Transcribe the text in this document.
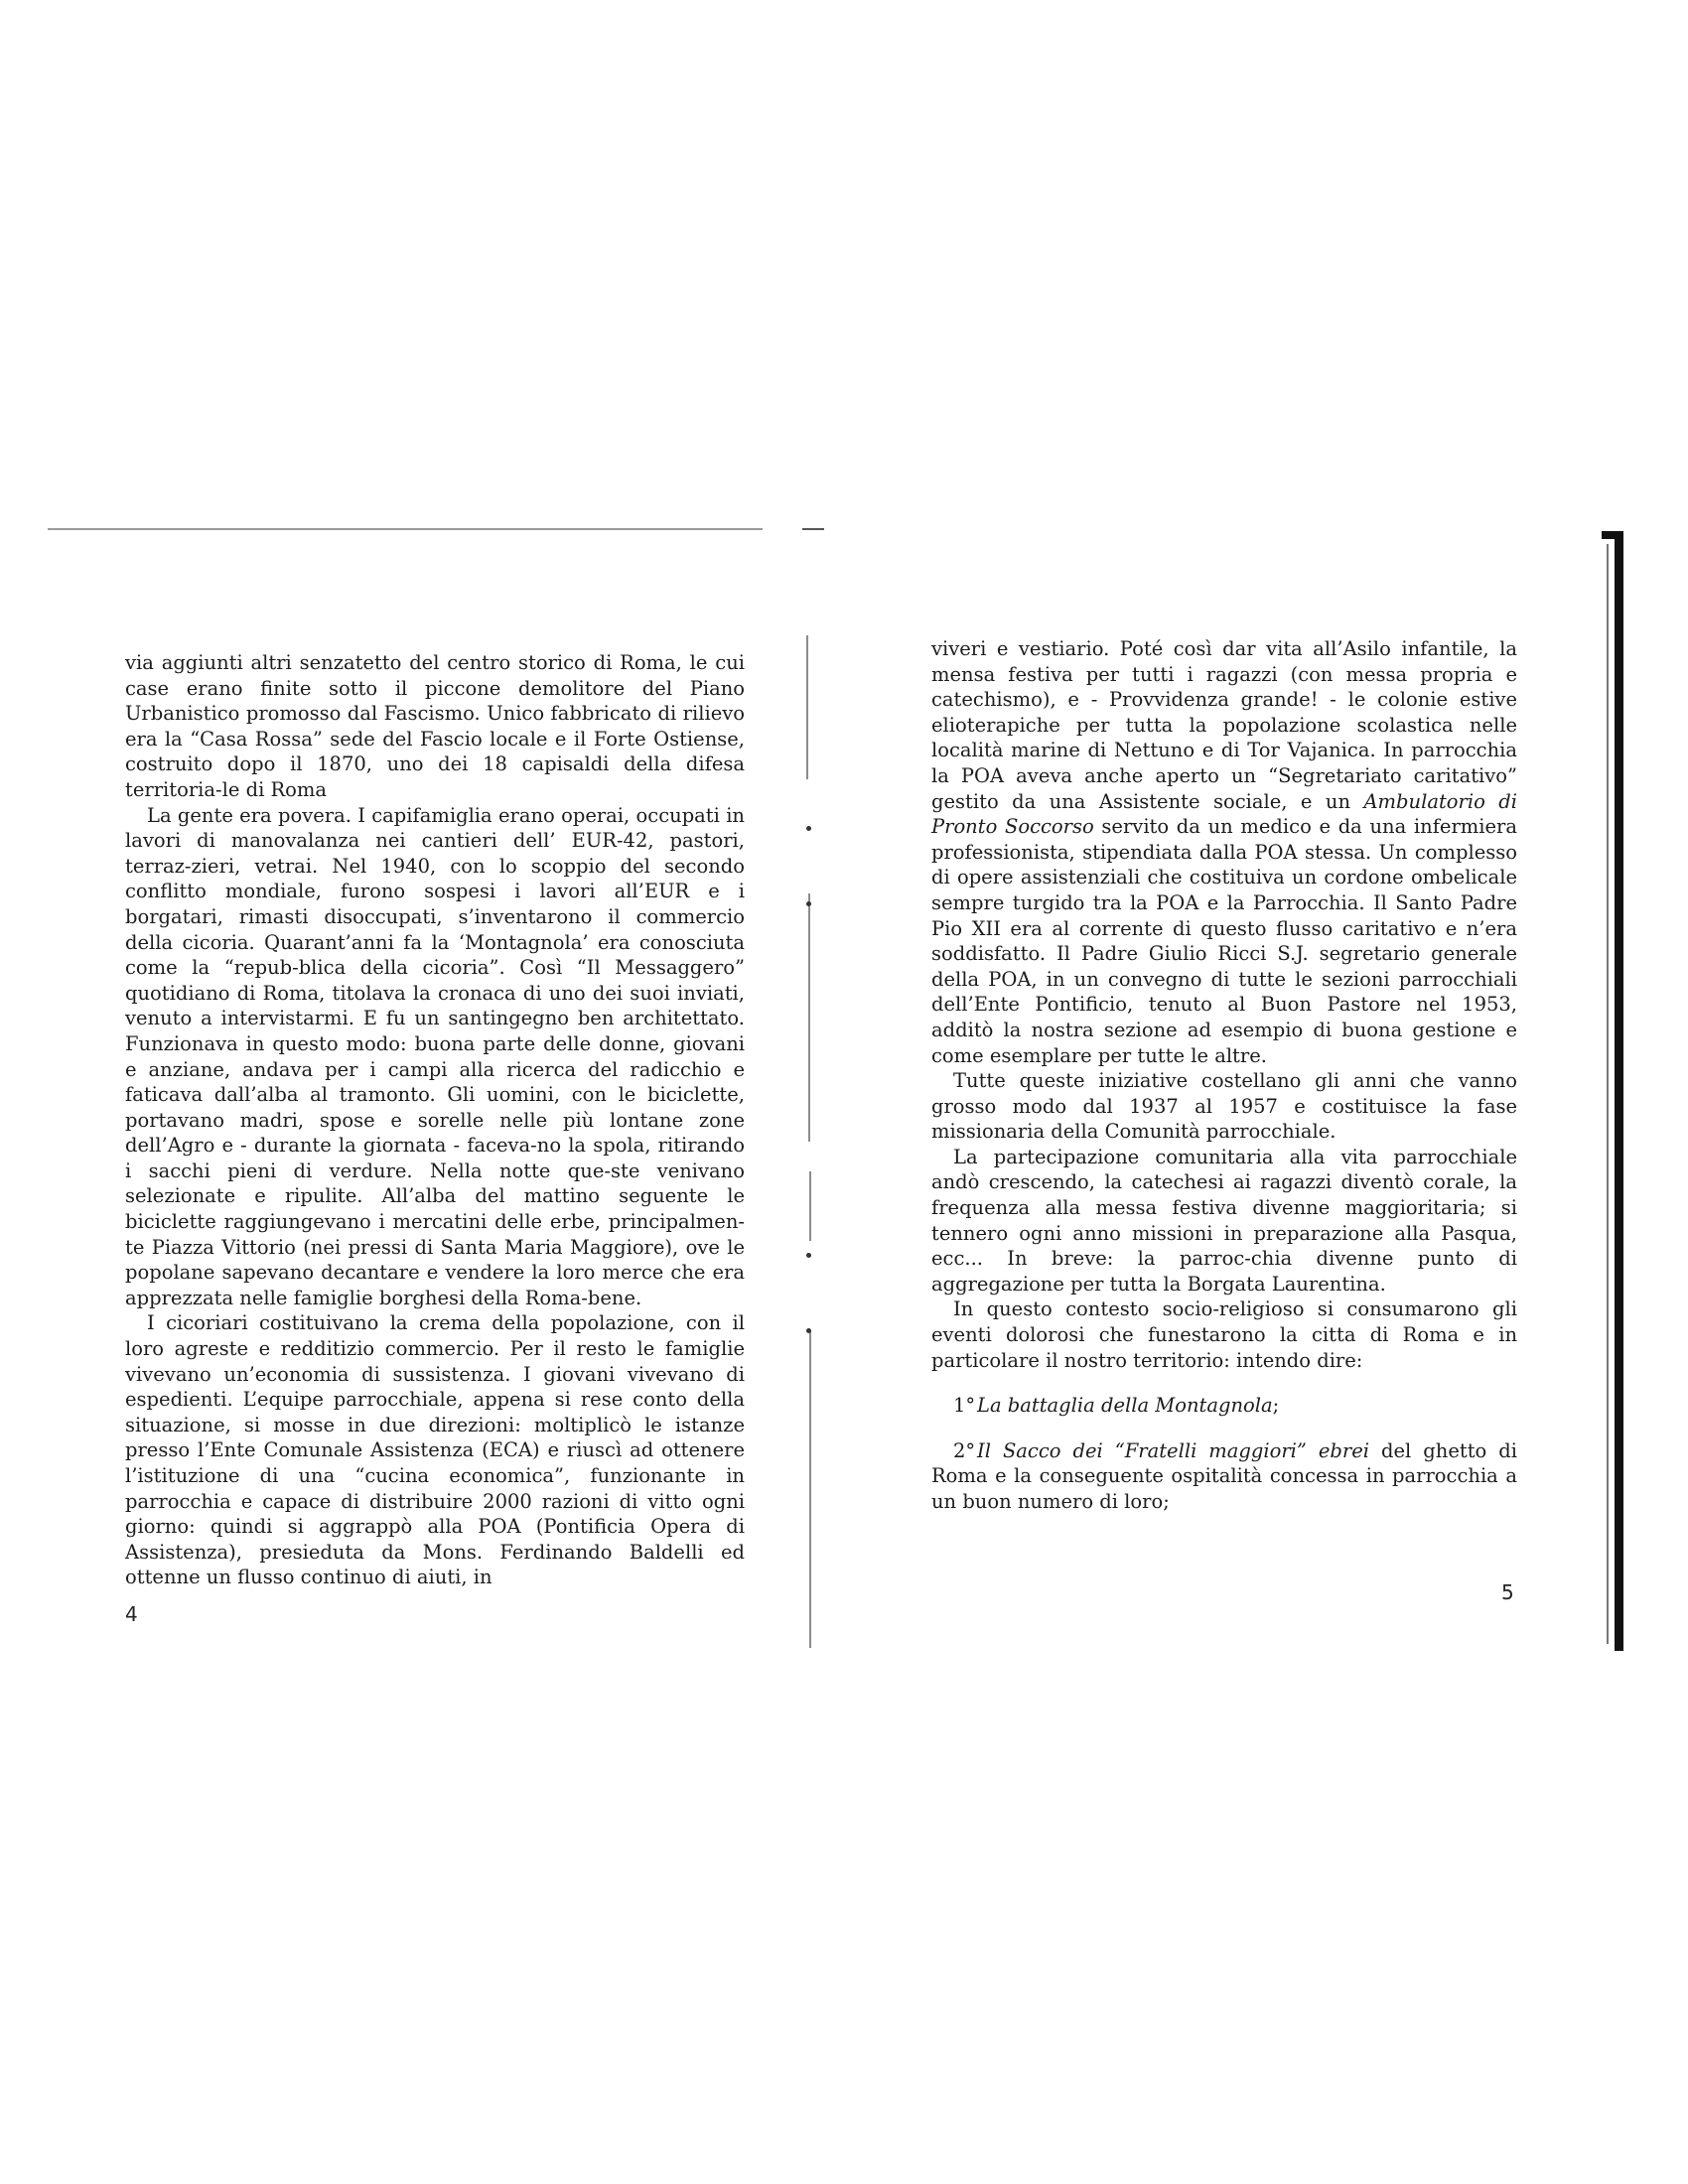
via aggiunti altri senzatetto del centro storico di Roma, le cui case erano finite sotto il piccone demolitore del Piano Urbanistico promosso dal Fascismo. Unico fabbricato di rilievo era la “Casa Rossa” sede del Fascio locale e il Forte Ostiense, costruito dopo il 1870, uno dei 18 capisaldi della difesa territoria-le di Roma

La gente era povera. I capifamiglia erano operai, occupati in lavori di manovalanza nei cantieri dell’ EUR-42, pastori, terraz-zieri, vetrai. Nel 1940, con lo scoppio del secondo conflitto mondiale, furono sospesi i lavori all’EUR e i borgatari, rimasti disoccupati, s’inventarono il commercio della cicoria. Quarant’anni fa la ‘Montagnola’ era conosciuta come la “repub-blica della cicoria”. Così “Il Messaggero” quotidiano di Roma, titolava la cronaca di uno dei suoi inviati, venuto a intervistarmi. E fu un santingegno ben architettato. Funzionava in questo modo: buona parte delle donne, giovani e anziane, andava per i campi alla ricerca del radicchio e faticava dall’alba al tramonto. Gli uomini, con le biciclette, portavano madri, spose e sorelle nelle più lontane zone dell’Agro e - durante la giornata - faceva-no la spola, ritirando i sacchi pieni di verdure. Nella notte que-ste venivano selezionate e ripulite. All’alba del mattino seguente le biciclette raggiungevano i mercatini delle erbe, principalmen-te Piazza Vittorio (nei pressi di Santa Maria Maggiore), ove le popolane sapevano decantare e vendere la loro merce che era apprezzata nelle famiglie borghesi della Roma-bene.

I cicoriari costituivano la crema della popolazione, con il loro agreste e redditizio commercio. Per il resto le famiglie vivevano un’economia di sussistenza. I giovani vivevano di espedienti. L’equipe parrocchiale, appena si rese conto della situazione, si mosse in due direzioni: moltiplicò le istanze presso l’Ente Comunale Assistenza (ECA) e riuscì ad ottenere l’istituzione di una “cucina economica”, funzionante in parrocchia e capace di distribuire 2000 razioni di vitto ogni giorno: quindi si aggrappò alla POA (Pontificia Opera di Assistenza), presieduta da Mons. Ferdinando Baldelli ed ottenne un flusso continuo di aiuti, in

4

viveri e vestiario. Poté così dar vita all’Asilo infantile, la mensa festiva per tutti i ragazzi (con messa propria e catechismo), e - Provvidenza grande! - le colonie estive elioterapiche per tutta la popolazione scolastica nelle località marine di Nettuno e di Tor Vajanica. In parrocchia la POA aveva anche aperto un “Segretariato caritativo” gestito da una Assistente sociale, e un Ambulatorio di Pronto Soccorso servito da un medico e da una infermiera professionista, stipendiata dalla POA stessa. Un complesso di opere assistenziali che costituiva un cordone ombelicale sempre turgido tra la POA e la Parrocchia. Il Santo Padre Pio XII era al corrente di questo flusso caritativo e n’era soddisfatto. Il Padre Giulio Ricci S.J. segretario generale della POA, in un convegno di tutte le sezioni parrocchiali dell’Ente Pontificio, tenuto al Buon Pastore nel 1953, additò la nostra sezione ad esempio di buona gestione e come esemplare per tutte le altre.

Tutte queste iniziative costellano gli anni che vanno grosso modo dal 1937 al 1957 e costituisce la fase missionaria della Comunità parrocchiale.

La partecipazione comunitaria alla vita parrocchiale andò crescendo, la catechesi ai ragazzi diventò corale, la frequenza alla messa festiva divenne maggioritaria; si tennero ogni anno missioni in preparazione alla Pasqua, ecc... In breve: la parroc-chia divenne punto di aggregazione per tutta la Borgata Laurentina.

In questo contesto socio-religioso si consumarono gli eventi dolorosi che funestarono la citta di Roma e in particolare il nostro territorio: intendo dire:

1°La battaglia della Montagnola;

2°Il Sacco dei “Fratelli maggiori” ebrei del ghetto di Roma e la conseguente ospitalità concessa in parrocchia a un buon numero di loro;

5
